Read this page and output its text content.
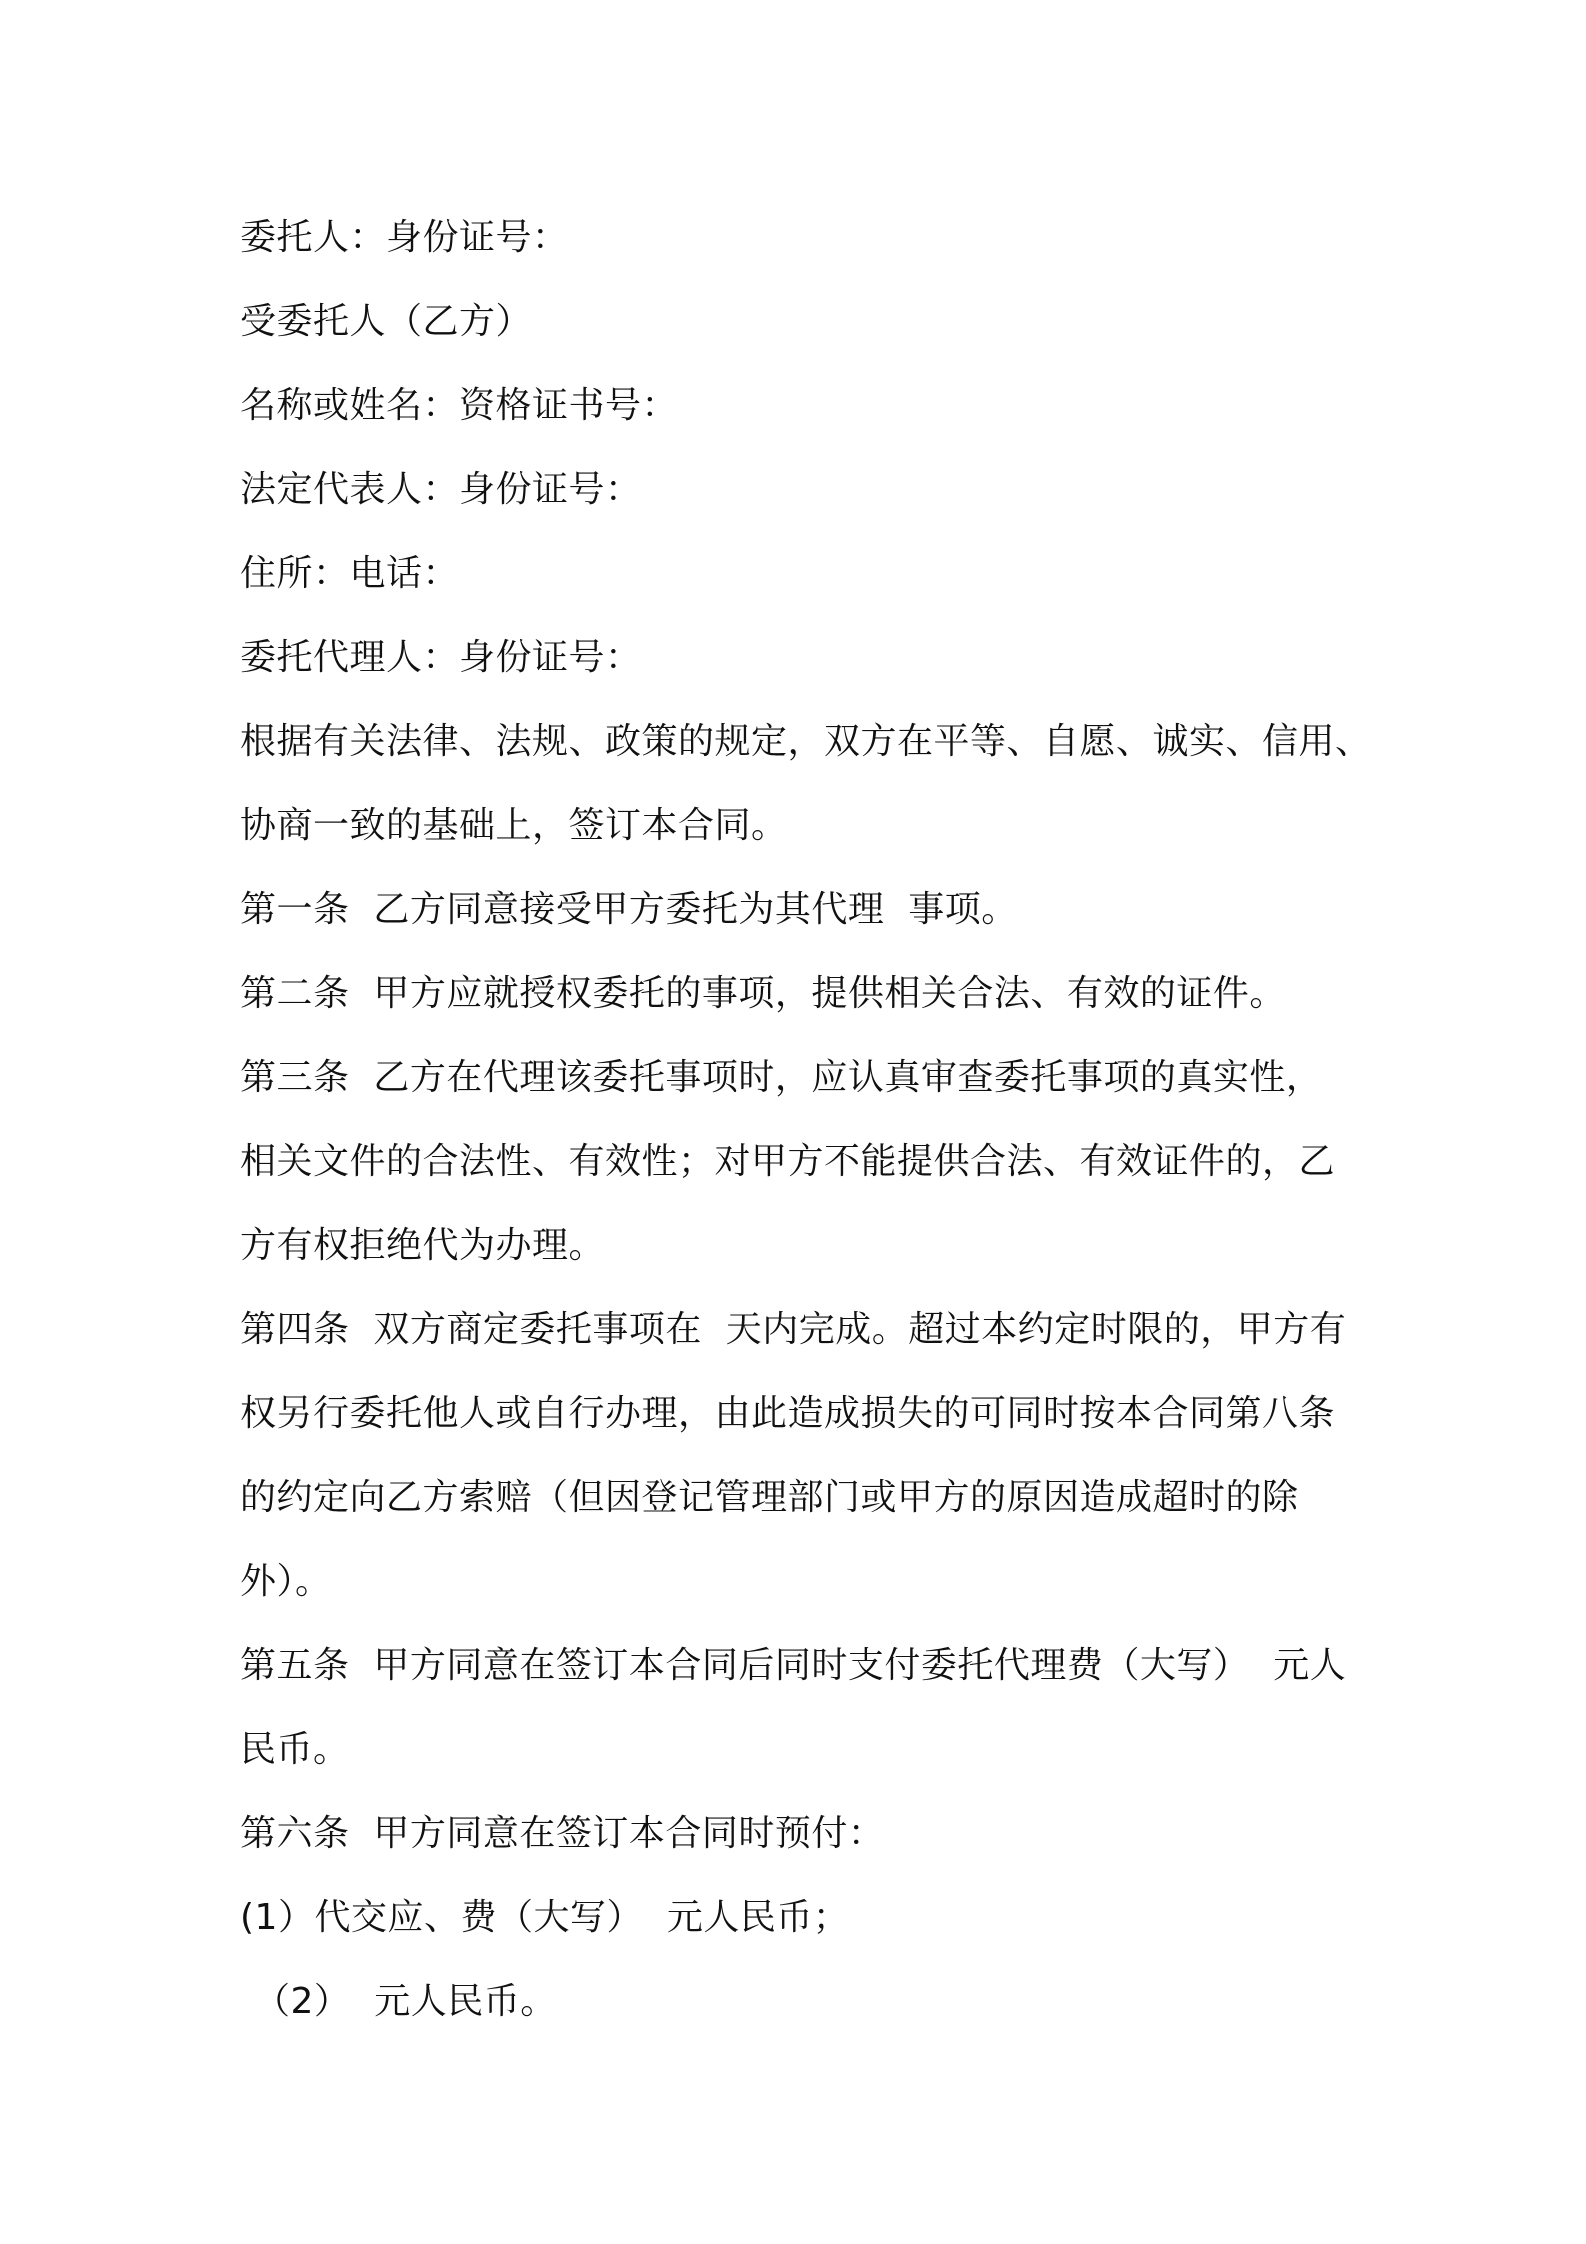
委托人：身份证号：
受委托人（乙方）
名称或姓名：资格证书号：
法定代表人：身份证号：
住所：电话：
委托代理人：身份证号：
根据有关法律、法规、政策的规定，双方在平等、自愿、诚实、信用、
协商一致的基础上，签订本合同。
第一条  乙方同意接受甲方委托为其代理  事项。
第二条  甲方应就授权委托的事项，提供相关合法、有效的证件。
第三条  乙方在代理该委托事项时，应认真审查委托事项的真实性，
相关文件的合法性、有效性；对甲方不能提供合法、有效证件的，乙
方有权拒绝代为办理。
第四条  双方商定委托事项在  天内完成。超过本约定时限的，甲方有
权另行委托他人或自行办理，由此造成损失的可同时按本合同第八条
的约定向乙方索赔（但因登记管理部门或甲方的原因造成超时的除
外）。
第五条  甲方同意在签订本合同后同时支付委托代理费（大写）  元人
民币。
第六条  甲方同意在签订本合同时预付：
(1）代交应、费（大写）  元人民币；
（2）  元人民币。
